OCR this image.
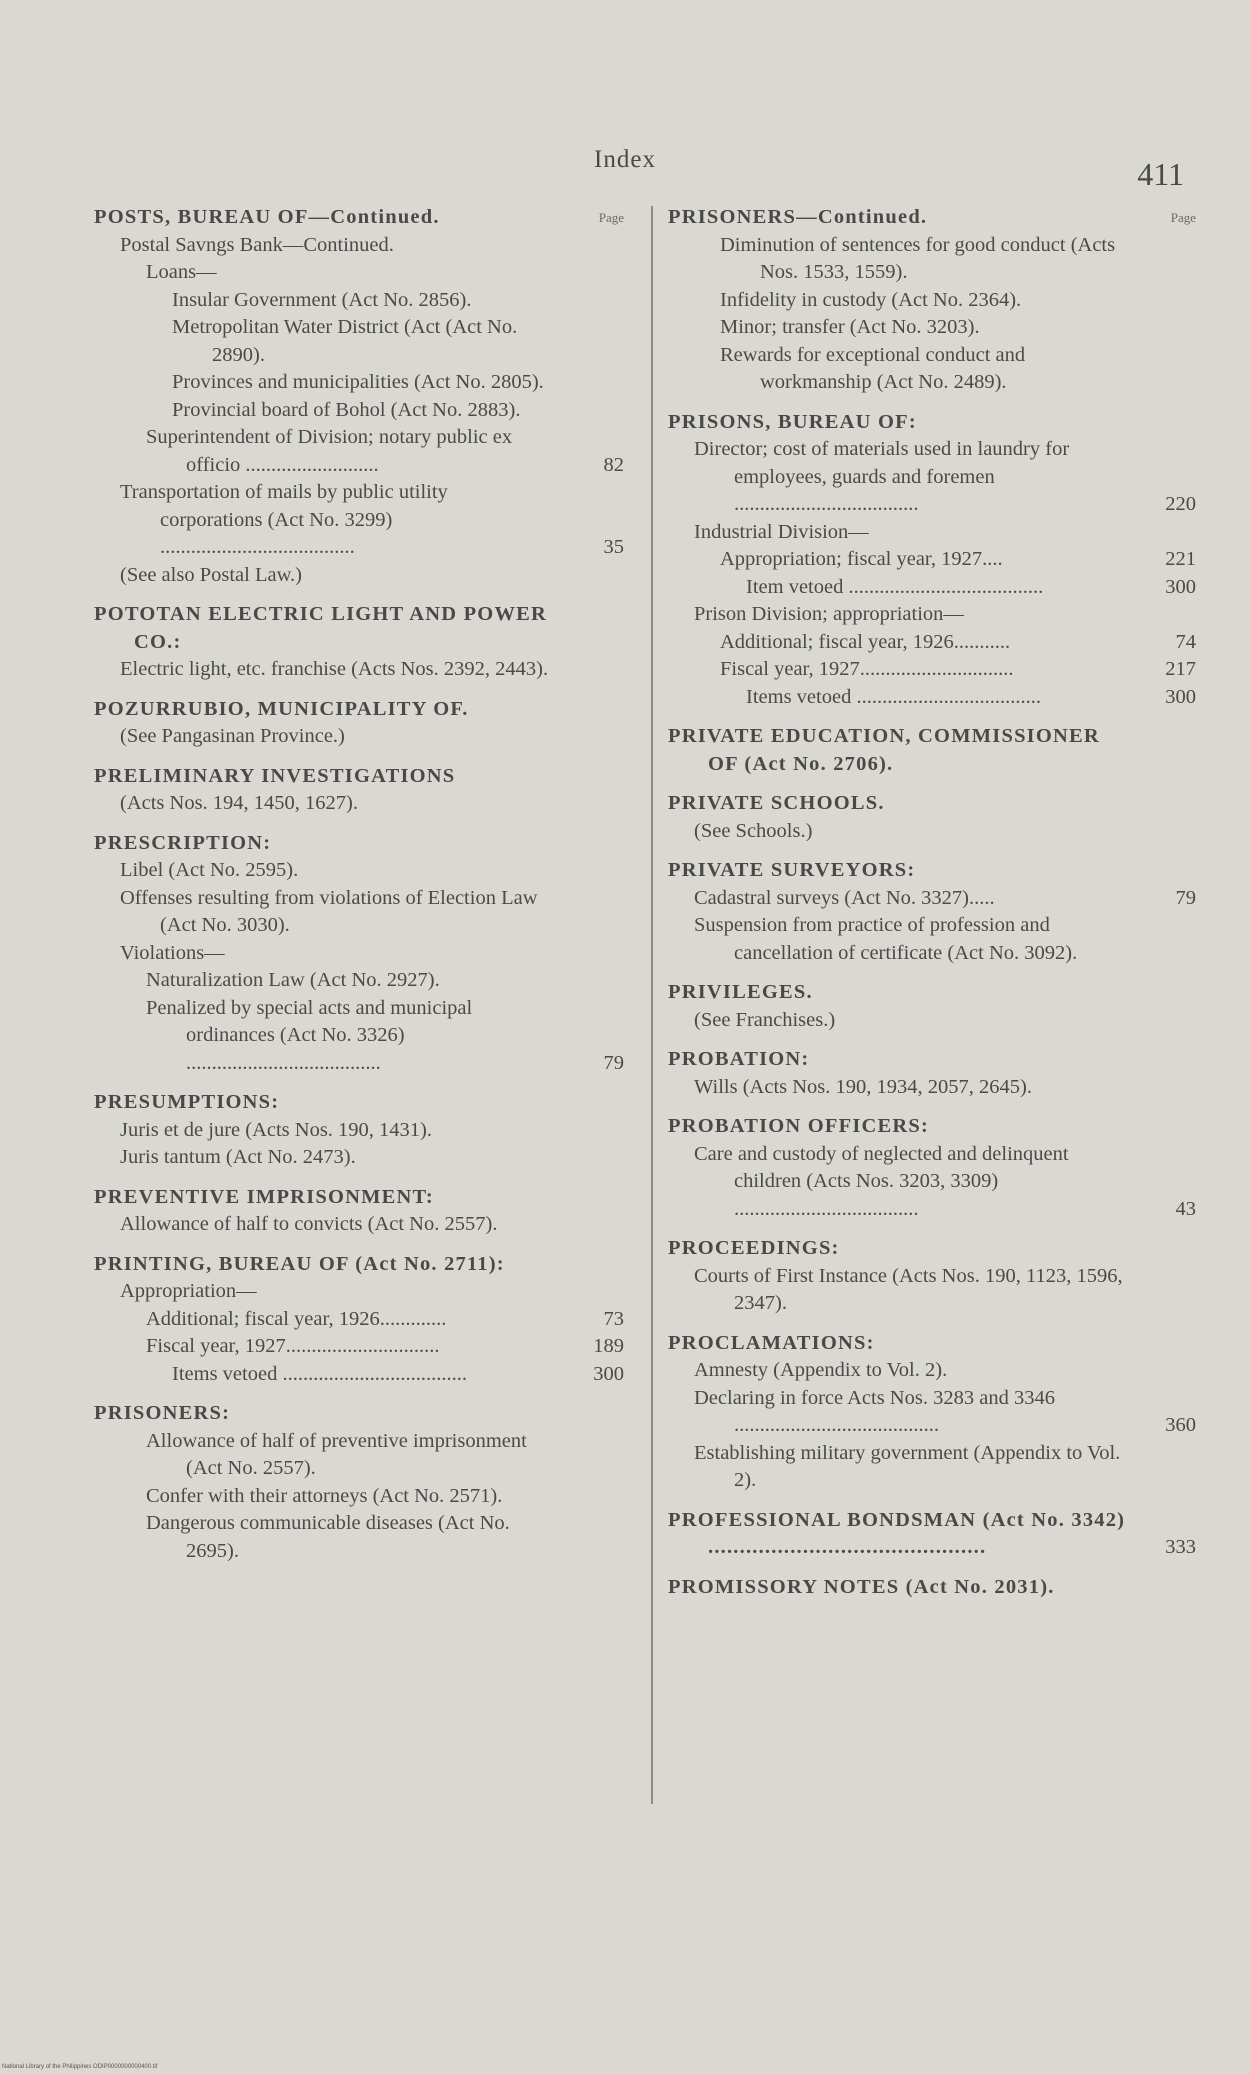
Index	411
Page
POSTS, BUREAU OF—Continued.
Postal Savngs Bank—Continued.
Loans—
Insular Government (Act No. 2856).
Metropolitan Water District (Act (Act No. 2890).
Provinces and municipalities (Act No. 2805).
Provincial board of Bohol (Act No. 2883).
Superintendent of Division; notary public ex officio ..........................	82
Transportation of mails by public utility corporations (Act No. 3299) ......................................	35
(See also Postal Law.)
POTOTAN ELECTRIC LIGHT AND POWER CO.:
Electric light, etc. franchise (Acts Nos. 2392, 2443).
POZURRUBIO, MUNICIPALITY OF.
(See Pangasinan Province.)
PRELIMINARY INVESTIGATIONS
(Acts Nos. 194, 1450, 1627).
PRESCRIPTION:
Libel (Act No. 2595).
Offenses resulting from violations of Election Law (Act No. 3030).
Violations—
Naturalization Law (Act No. 2927).
Penalized by special acts and municipal ordinances (Act No. 3326) ......................................	79
PRESUMPTIONS:
Juris et de jure (Acts Nos. 190, 1431).
Juris tantum (Act No. 2473).
PREVENTIVE IMPRISONMENT:
Allowance of half to convicts (Act No. 2557).
PRINTING, BUREAU OF (Act No. 2711):
Appropriation—
Additional; fiscal year, 1926.............	73
Fiscal year, 1927..............................	189
Items vetoed ....................................	300
PRISONERS:
Allowance of half of preventive imprisonment (Act No. 2557).
Confer with their attorneys (Act No. 2571).
Dangerous communicable diseases (Act No. 2695).
Page
PRISONERS—Continued.
Diminution of sentences for good conduct (Acts Nos. 1533, 1559).
Infidelity in custody (Act No. 2364).
Minor; transfer (Act No. 3203).
Rewards for exceptional conduct and workmanship (Act No. 2489).
PRISONS, BUREAU OF:
Director; cost of materials used in laundry for employees, guards and foremen ....................................	220
Industrial Division—
Appropriation; fiscal year, 1927....	221
Item vetoed ......................................	300
Prison Division; appropriation—
Additional; fiscal year, 1926...........	74
Fiscal year, 1927..............................	217
Items vetoed ....................................	300
PRIVATE EDUCATION, COMMISSIONER OF (Act No. 2706).
PRIVATE SCHOOLS.
(See Schools.)
PRIVATE SURVEYORS:
Cadastral surveys (Act No. 3327).....	79
Suspension from practice of profession and cancellation of certificate (Act No. 3092).
PRIVILEGES.
(See Franchises.)
PROBATION:
Wills (Acts Nos. 190, 1934, 2057, 2645).
PROBATION OFFICERS:
Care and custody of neglected and delinquent children (Acts Nos. 3203, 3309) ....................................	43
PROCEEDINGS:
Courts of First Instance (Acts Nos. 190, 1123, 1596, 2347).
PROCLAMATIONS:
Amnesty (Appendix to Vol. 2).
Declaring in force Acts Nos. 3283 and 3346 ........................................	360
Establishing military government (Appendix to Vol. 2).
PROFESSIONAL BONDSMAN (Act No. 3342) ............................................	333
PROMISSORY NOTES (Act No. 2031).
National Library of the Philippines ODIP0000000000400.tif
